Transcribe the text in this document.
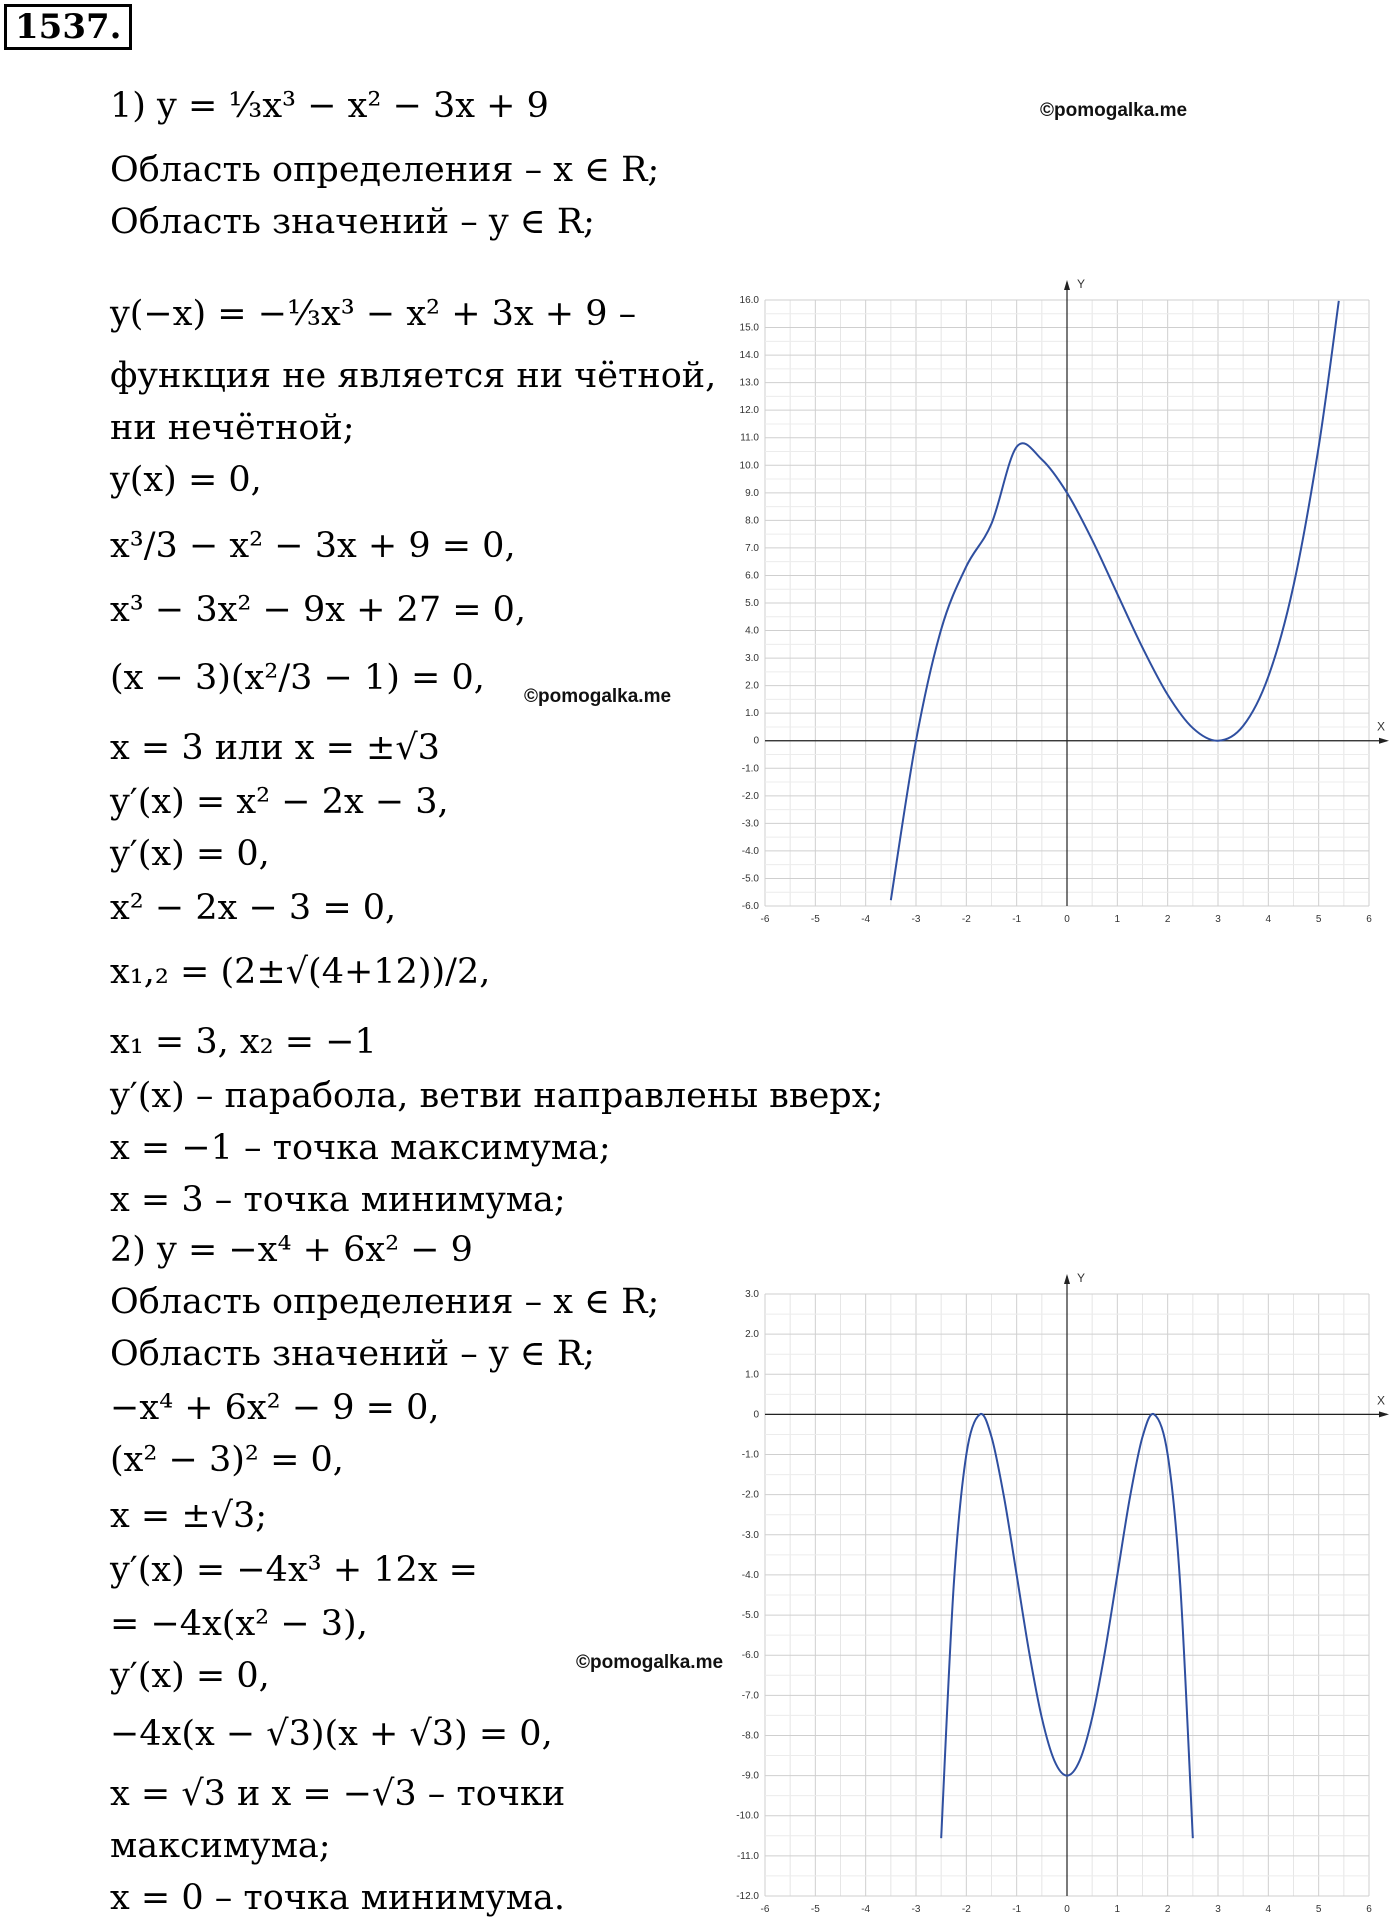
1537.
©pomogalka.me
©pomogalka.me
©pomogalka.me
1) y = ⅓x³ − x² − 3x + 9
Область определения – x ∈ R;
Область значений – y ∈ R;
y(−x) = −⅓x³ − x² + 3x + 9 –
функция не является ни чётной,
ни нечётной;
y(x) = 0,
x³/3 − x² − 3x + 9 = 0,
x³ − 3x² − 9x + 27 = 0,
(x − 3)(x²/3 − 1) = 0,
x = 3 или x = ±√3
y′(x) = x² − 2x − 3,
y′(x) = 0,
x² − 2x − 3 = 0,
x₁,₂ = (2±√(4+12))/2,
x₁ = 3, x₂ = −1
y′(x) – парабола, ветви направлены вверх;
x = −1 – точка максимума;
x = 3 – точка минимума;
2) y = −x⁴ + 6x² − 9
Область определения – x ∈ R;
Область значений – y ∈ R;
−x⁴ + 6x² − 9 = 0,
(x² − 3)² = 0,
x = ±√3;
y′(x) = −4x³ + 12x =
= −4x(x² − 3),
y′(x) = 0,
−4x(x − √3)(x + √3) = 0,
x = √3 и x = −√3 – точки
максимума;
x = 0 – точка минимума.
Y
X
-6	-5	-4	-3	-2	-1	0	1	2	3	4	5	6
-6.0
-5.0
-4.0
-3.0
-2.0
-1.0
0
1.0
2.0
3.0
4.0
5.0
6.0
7.0
8.0
9.0
10.0
11.0
12.0
13.0
14.0
15.0
16.0
Y
X
-6	-5	-4	-3	-2	-1	0	1	2	3	4	5	6
-12.0
-11.0
-10.0
-9.0
-8.0
-7.0
-6.0
-5.0
-4.0
-3.0
-2.0
-1.0
0
1.0
2.0
3.0
